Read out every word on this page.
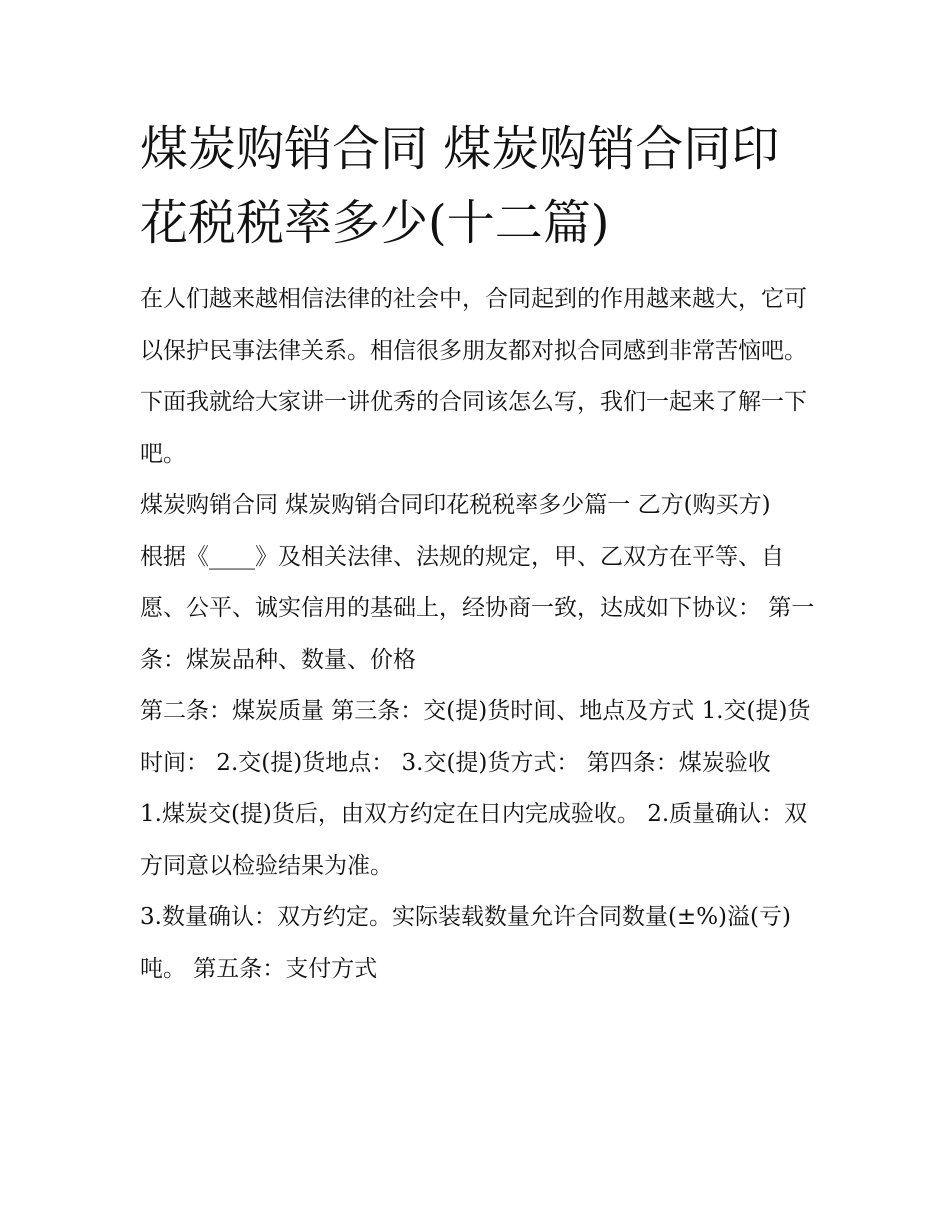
煤炭购销合同 煤炭购销合同印花税税率多少(十二篇)

在人们越来越相信法律的社会中，合同起到的作用越来越大，它可以保护民事法律关系。相信很多朋友都对拟合同感到非常苦恼吧。下面我就给大家讲一讲优秀的合同该怎么写，我们一起来了解一下吧。

煤炭购销合同 煤炭购销合同印花税税率多少篇一 乙方(购买方)

根据《____》及相关法律、法规的规定，甲、乙双方在平等、自愿、公平、诚实信用的基础上，经协商一致，达成如下协议： 第一条：煤炭品种、数量、价格

第二条：煤炭质量 第三条：交(提)货时间、地点及方式 1.交(提)货时间： 2.交(提)货地点： 3.交(提)货方式： 第四条：煤炭验收

1.煤炭交(提)货后，由双方约定在日内完成验收。 2.质量确认：双方同意以检验结果为准。

3.数量确认：双方约定。实际装载数量允许合同数量(±%)溢(亏)吨。 第五条：支付方式
